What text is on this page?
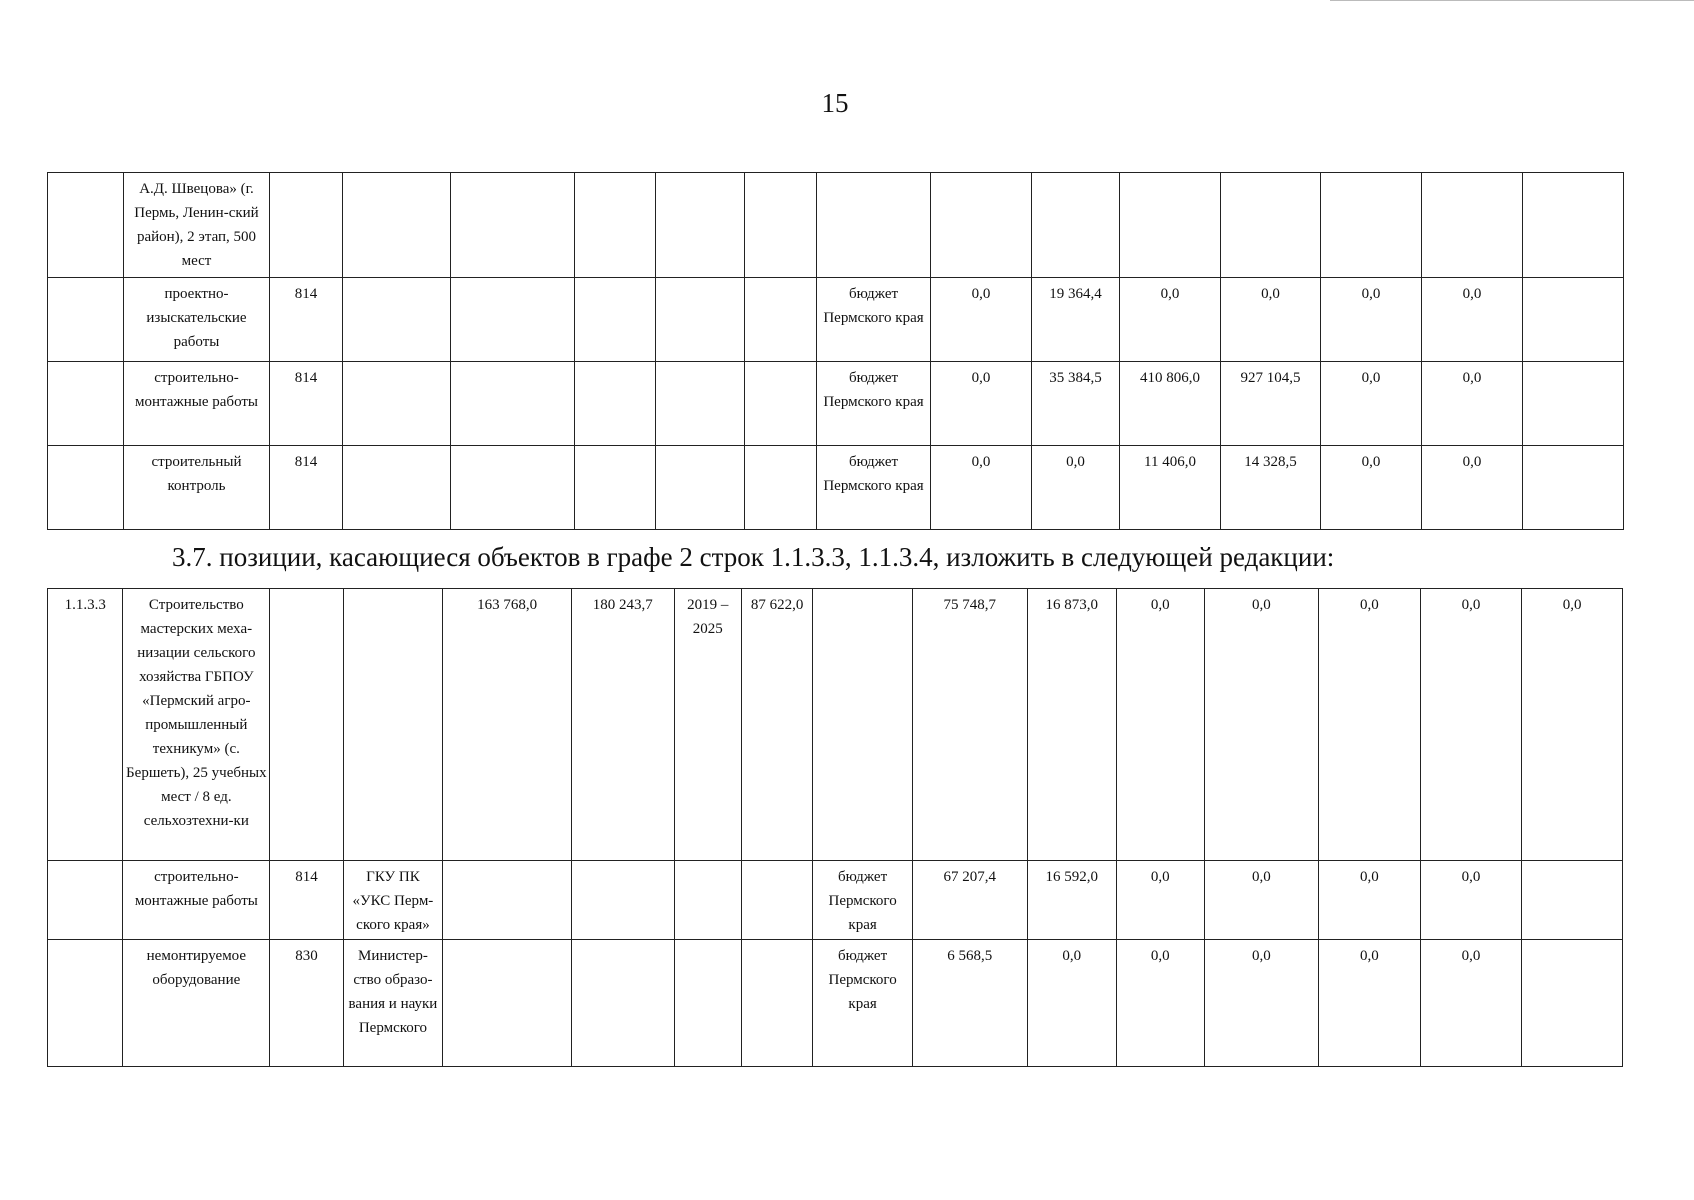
15
	А.Д. Швецова» (г. Пермь, Ленин-ский район), 2 этап, 500 мест														
	проектно-изыскательские работы	814						бюджет Пермского края	0,0	19 364,4	0,0	0,0	0,0	0,0	
	строительно-монтажные работы	814						бюджет Пермского края	0,0	35 384,5	410 806,0	927 104,5	0,0	0,0	
	строительный контроль	814						бюджет Пермского края	0,0	0,0	11 406,0	14 328,5	0,0	0,0	
3.7. позиции, касающиеся объектов в графе 2 строк 1.1.3.3, 1.1.3.4, изложить в следующей редакции:
1.1.3.3	Строительство мастерских меха-низации сельского хозяйства ГБПОУ «Пермский агро-промышленный техникум» (с. Бершеть), 25 учебных мест / 8 ед. сельхозтехни-ки			163 768,0	180 243,7	2019 – 2025	87 622,0		75 748,7	16 873,0	0,0	0,0	0,0	0,0	0,0
	строительно-монтажные работы	814	ГКУ ПК «УКС Перм-ского края»					бюджет Пермского края	67 207,4	16 592,0	0,0	0,0	0,0	0,0	
	немонтируемое оборудование	830	Министер-ство образо-вания и науки Пермского					бюджет Пермского края	6 568,5	0,0	0,0	0,0	0,0	0,0	
